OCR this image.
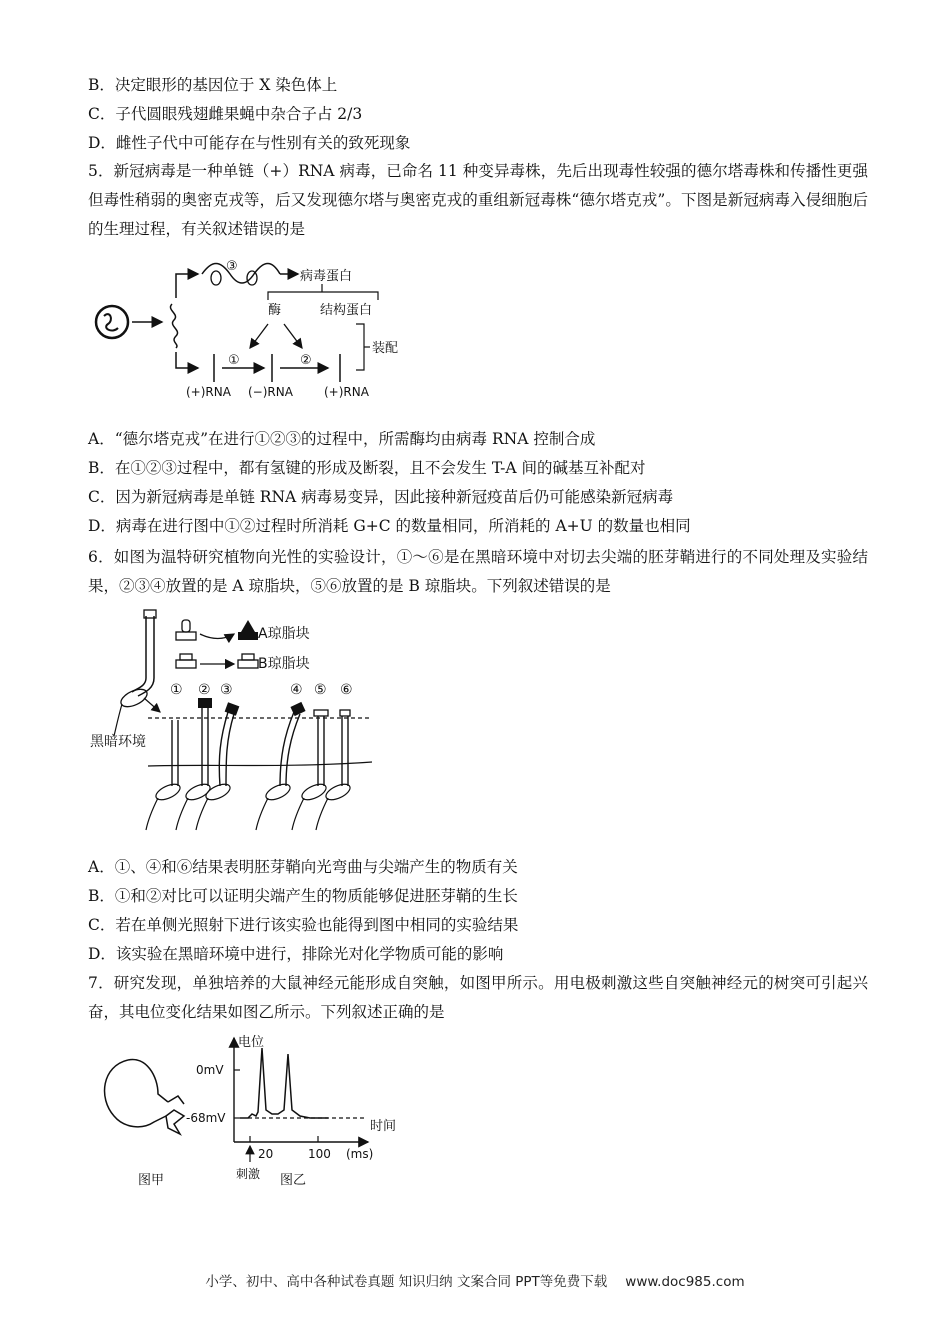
B．决定眼形的基因位于 X 染色体上
C．子代圆眼残翅雌果蝇中杂合子占 2/3
D．雌性子代中可能存在与性别有关的致死现象
5．新冠病毒是一种单链（+）RNA 病毒，已命名 11 种变异毒株，先后出现毒性较强的德尔塔毒株和传播性更强但毒性稍弱的奥密克戎等，后又发现德尔塔与奥密克戎的重组新冠毒株“德尔塔克戎”。下图是新冠病毒入侵细胞后的生理过程，有关叙述错误的是
③
病毒蛋白
酶	结构蛋白
装配
①	②
(+)RNA (−)RNA	(+)RNA
A．“德尔塔克戎”在进行①②③的过程中，所需酶均由病毒 RNA 控制合成
B．在①②③过程中，都有氢键的形成及断裂，且不会发生 T-A 间的碱基互补配对
C．因为新冠病毒是单链 RNA 病毒易变异，因此接种新冠疫苗后仍可能感染新冠病毒
D．病毒在进行图中①②过程时所消耗 G+C 的数量相同，所消耗的 A+U 的数量也相同
6．如图为温特研究植物向光性的实验设计，①～⑥是在黑暗环境中对切去尖端的胚芽鞘进行的不同处理及实验结果，②③④放置的是 A 琼脂块，⑤⑥放置的是 B 琼脂块。下列叙述错误的是
A琼脂块
B琼脂块
① ② ③	④ ⑤ ⑥
黑暗环境
A．①、④和⑥结果表明胚芽鞘向光弯曲与尖端产生的物质有关
B．①和②对比可以证明尖端产生的物质能够促进胚芽鞘的生长
C．若在单侧光照射下进行该实验也能得到图中相同的实验结果
D．该实验在黑暗环境中进行，排除光对化学物质可能的影响
7．研究发现，单独培养的大鼠神经元能形成自突触，如图甲所示。用电极刺激这些自突触神经元的树突可引起兴奋，其电位变化结果如图乙所示。下列叙述正确的是
图甲
电位
时间
0mV
-68mV
20	100 (ms)
刺激 图乙
小学、初中、高中各种试卷真题 知识归纳 文案合同 PPT等免费下载 www.doc985.com
